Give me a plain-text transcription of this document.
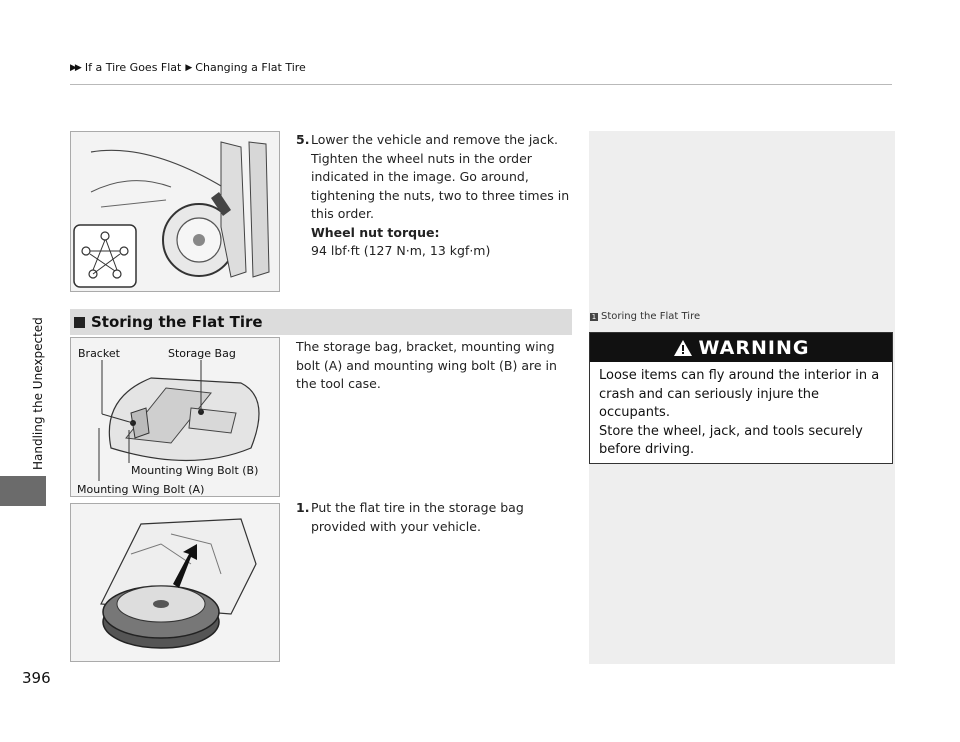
▶▶ If a Tire Goes Flat ▶ Changing a Flat Tire
Handling the Unexpected
396
5. Lower the vehicle and remove the jack. Tighten the wheel nuts in the order indicated in the image. Go around, tightening the nuts, two to three times in this order.
Wheel nut torque:
94 lbf·ft (127 N·m, 13 kgf·m)
Storing the Flat Tire
Bracket	Storage Bag
Mounting Wing Bolt (B)
Mounting Wing Bolt (A)
The storage bag, bracket, mounting wing bolt (A) and mounting wing bolt (B) are in the tool case.
1. Put the flat tire in the storage bag provided with your vehicle.
1 Storing the Flat Tire
WARNING
Loose items can fly around the interior in a crash and can seriously injure the occupants.
Store the wheel, jack, and tools securely before driving.
